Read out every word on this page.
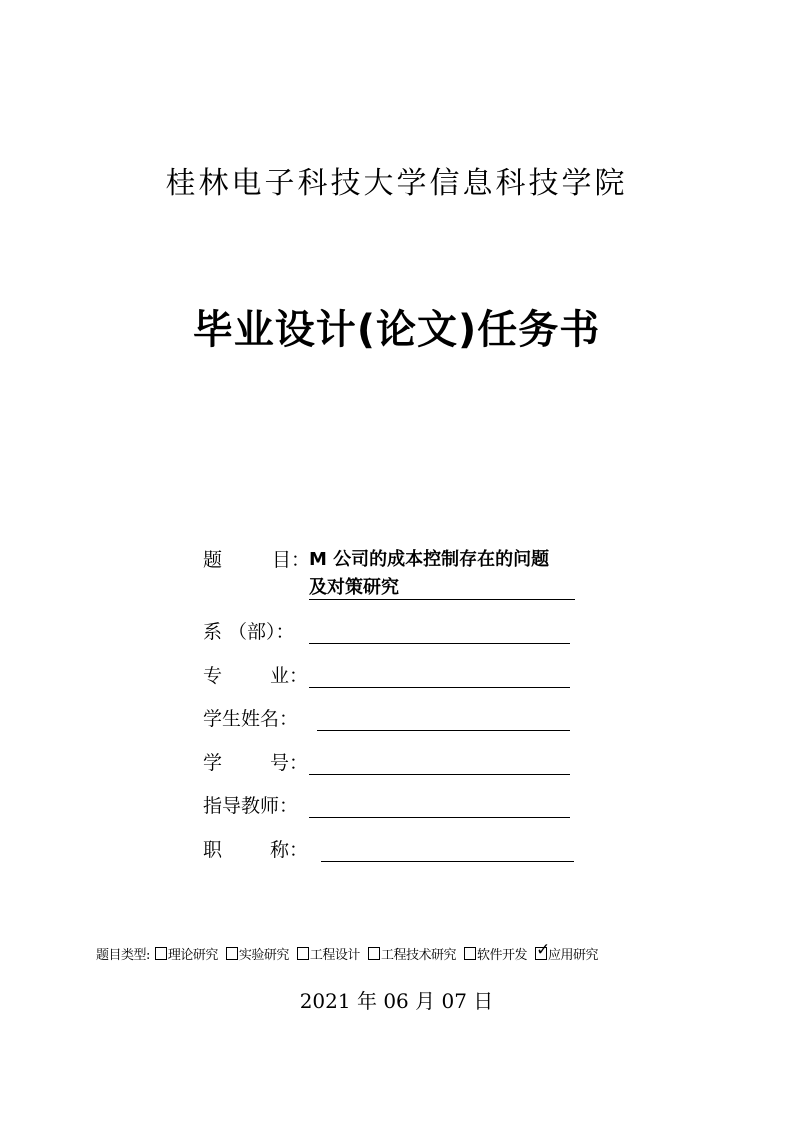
桂林电子科技大学信息科技学院
毕业设计(论文)任务书
题	目：
M 公司的成本控制存在的问题
及对策研究
系 （部）：
专	业：
学生姓名：
学	号：
指导教师：
职	称：
题目类型: 理论研究 实验研究 工程设计 工程技术研究 软件开发 ✓
应用研究
2021 年 06 月 07 日
